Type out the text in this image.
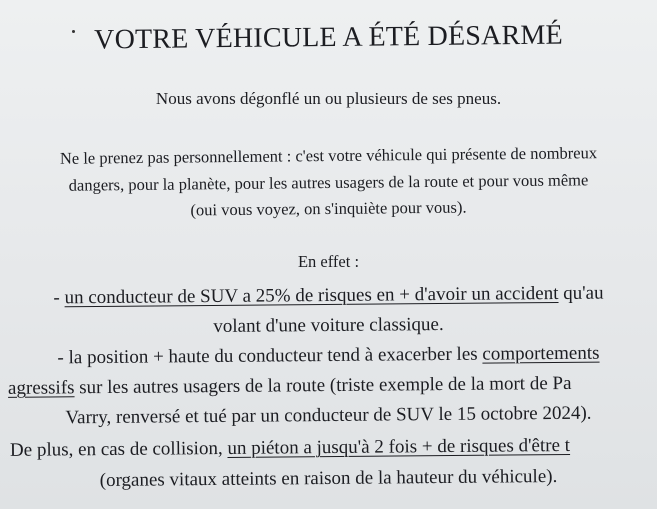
VOTRE VÉHICULE A ÉTÉ DÉSARMÉ
Nous avons dégonflé un ou plusieurs de ses pneus.
Ne le prenez pas personnellement : c'est votre véhicule qui présente de nombreux
dangers, pour la planète, pour les autres usagers de la route et pour vous même
(oui vous voyez, on s'inquiète pour vous).
En effet :
- un conducteur de SUV a 25% de risques en + d'avoir un accident qu'au
volant d'une voiture classique.
- la position + haute du conducteur tend à exacerber les comportements
agressifs sur les autres usagers de la route (triste exemple de la mort de Pa
Varry, renversé et tué par un conducteur de SUV le 15 octobre 2024).
De plus, en cas de collision, un piéton a jusqu'à 2 fois + de risques d'être t
(organes vitaux atteints en raison de la hauteur du véhicule).
